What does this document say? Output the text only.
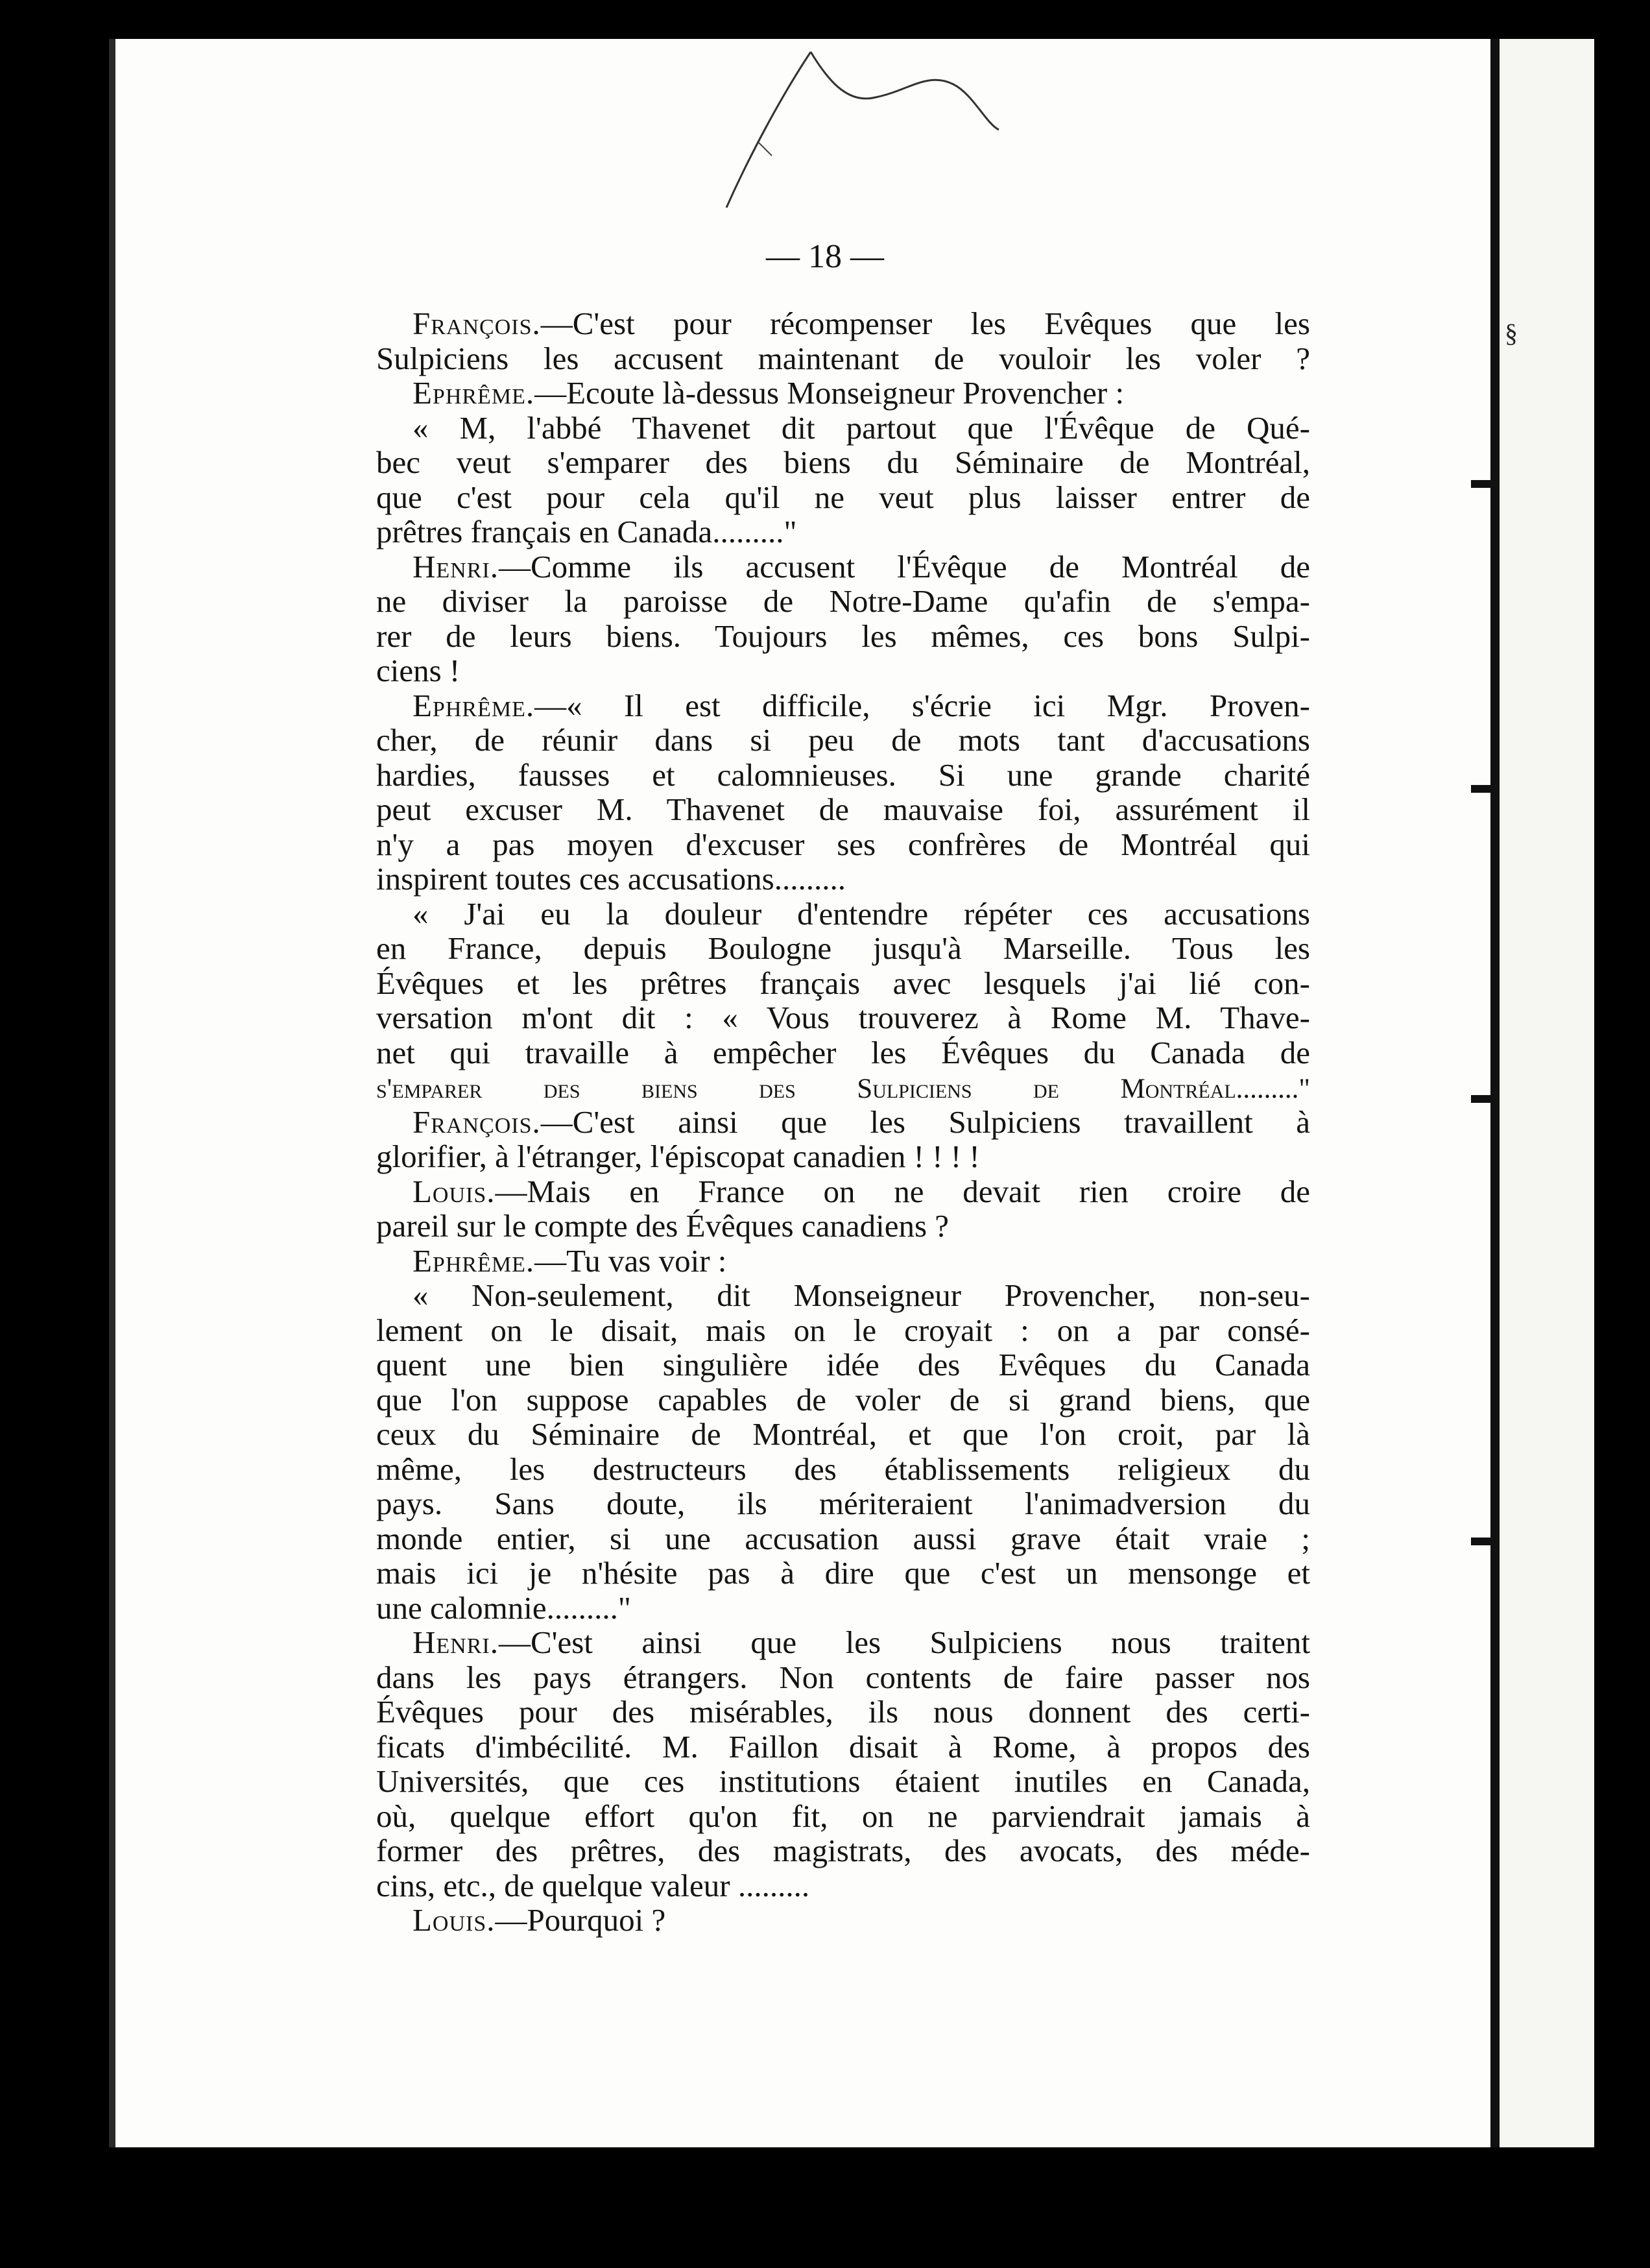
— 18 —
François.—C'est pour récompenser les Evêques que les
Sulpiciens les accusent maintenant de vouloir les voler ?
Ephrême.—Ecoute là-dessus Monseigneur Provencher :
« M, l'abbé Thavenet dit partout que l'Évêque de Qué-
bec veut s'emparer des biens du Séminaire de Montréal,
que c'est pour cela qu'il ne veut plus laisser entrer de
prêtres français en Canada........."
Henri.—Comme ils accusent l'Évêque de Montréal de
ne diviser la paroisse de Notre-Dame qu'afin de s'empa-
rer de leurs biens. Toujours les mêmes, ces bons Sulpi-
ciens !
Ephrême.—« Il est difficile, s'écrie ici Mgr. Proven-
cher, de réunir dans si peu de mots tant d'accusations
hardies, fausses et calomnieuses. Si une grande charité
peut excuser M. Thavenet de mauvaise foi, assurément il
n'y a pas moyen d'excuser ses confrères de Montréal qui
inspirent toutes ces accusations.........
« J'ai eu la douleur d'entendre répéter ces accusations
en France, depuis Boulogne jusqu'à Marseille. Tous les
Évêques et les prêtres français avec lesquels j'ai lié con-
versation m'ont dit : « Vous trouverez à Rome M. Thave-
net qui travaille à empêcher les Évêques du Canada de
s'emparer des biens des Sulpiciens de Montréal........."
François.—C'est ainsi que les Sulpiciens travaillent à
glorifier, à l'étranger, l'épiscopat canadien ! ! ! !
Louis.—Mais en France on ne devait rien croire de
pareil sur le compte des Évêques canadiens ?
Ephrême.—Tu vas voir :
« Non-seulement, dit Monseigneur Provencher, non-seu-
lement on le disait, mais on le croyait : on a par consé-
quent une bien singulière idée des Evêques du Canada
que l'on suppose capables de voler de si grand biens, que
ceux du Séminaire de Montréal, et que l'on croit, par là
même, les destructeurs des établissements religieux du
pays. Sans doute, ils mériteraient l'animadversion du
monde entier, si une accusation aussi grave était vraie ;
mais ici je n'hésite pas à dire que c'est un mensonge et
une calomnie........."
Henri.—C'est ainsi que les Sulpiciens nous traitent
dans les pays étrangers. Non contents de faire passer nos
Évêques pour des misérables, ils nous donnent des certi-
ficats d'imbécilité. M. Faillon disait à Rome, à propos des
Universités, que ces institutions étaient inutiles en Canada,
où, quelque effort qu'on fit, on ne parviendrait jamais à
former des prêtres, des magistrats, des avocats, des méde-
cins, etc., de quelque valeur .........
Louis.—Pourquoi ?
§
